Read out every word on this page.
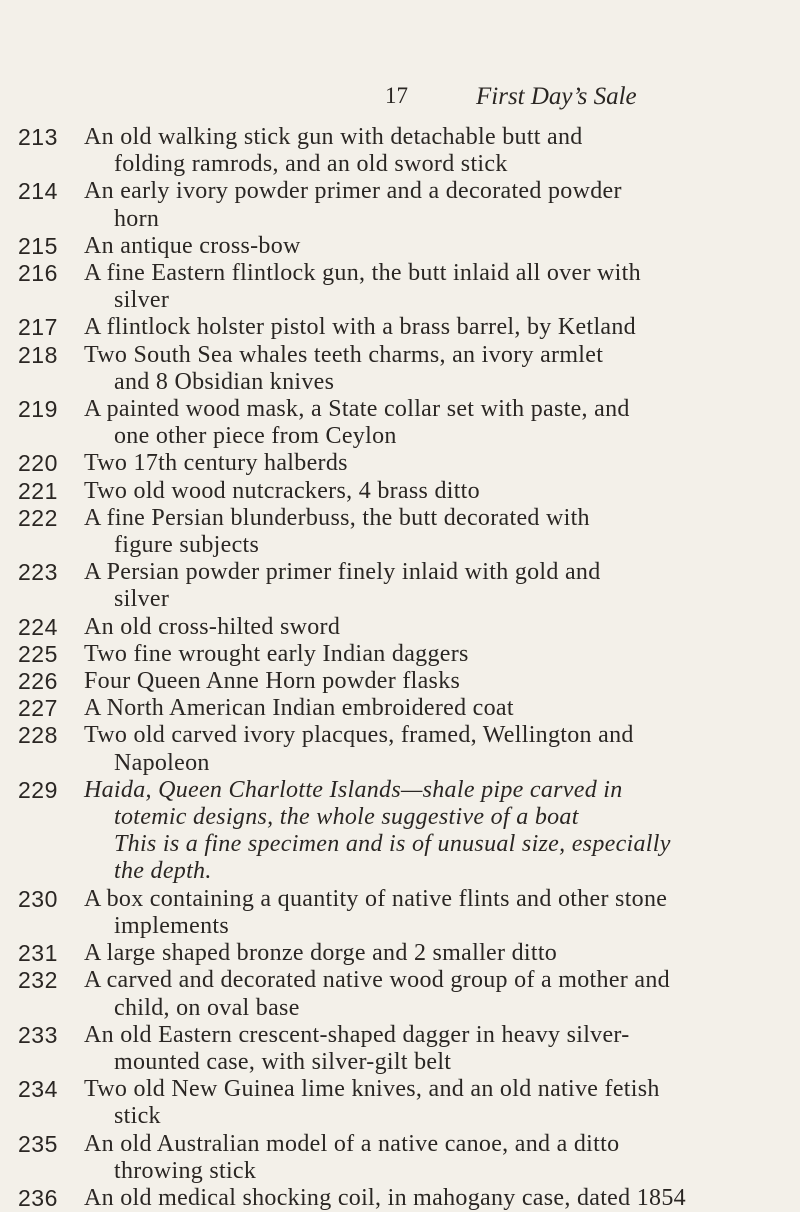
17	First Day’s Sale
213	An old walking stick gun with detachable butt and
folding ramrods, and an old sword stick
214	An early ivory powder primer and a decorated powder
horn
215	An antique cross-bow
216	A fine Eastern flintlock gun, the butt inlaid all over with
silver
217	A flintlock holster pistol with a brass barrel, by Ketland
218	Two South Sea whales teeth charms, an ivory armlet
and 8 Obsidian knives
219	A painted wood mask, a State collar set with paste, and
one other piece from Ceylon
220	Two 17th century halberds
221	Two old wood nutcrackers, 4 brass ditto
222	A fine Persian blunderbuss, the butt decorated with
figure subjects
223	A Persian powder primer finely inlaid with gold and
silver
224	An old cross-hilted sword
225	Two fine wrought early Indian daggers
226	Four Queen Anne Horn powder flasks
227	A North American Indian embroidered coat
228	Two old carved ivory placques, framed, Wellington and
Napoleon
229	Haida, Queen Charlotte Islands—shale pipe carved in
totemic designs, the whole suggestive of a boat
This is a fine specimen and is of unusual size, especially
the depth.
230	A box containing a quantity of native flints and other stone
implements
231	A large shaped bronze dorge and 2 smaller ditto
232	A carved and decorated native wood group of a mother and
child, on oval base
233	An old Eastern crescent-shaped dagger in heavy silver-
mounted case, with silver-gilt belt
234	Two old New Guinea lime knives, and an old native fetish
stick
235	An old Australian model of a native canoe, and a ditto
throwing stick
236	An old medical shocking coil, in mahogany case, dated 1854
